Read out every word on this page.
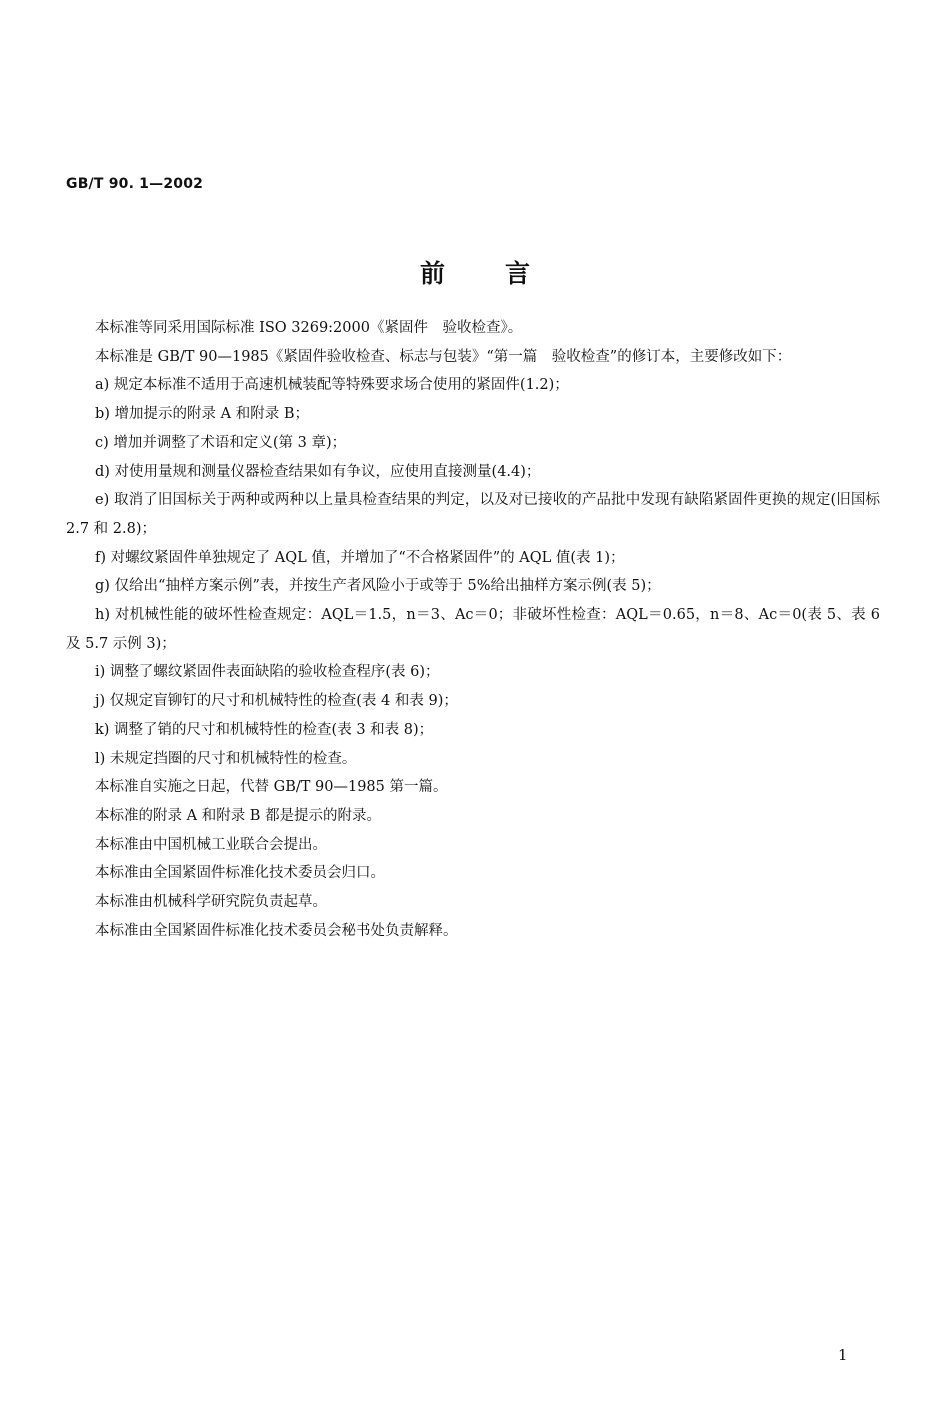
GB/T 90. 1—2002
前言

本标准等同采用国际标准 ISO 3269:2000《紧固件　验收检查》。

本标准是 GB/T 90—1985《紧固件验收检查、标志与包装》“第一篇　验收检查”的修订本，主要修改如下：

a) 规定本标准不适用于高速机械装配等特殊要求场合使用的紧固件(1.2)；

b) 增加提示的附录 A 和附录 B；

c) 增加并调整了术语和定义(第 3 章)；

d) 对使用量规和测量仪器检查结果如有争议，应使用直接测量(4.4)；

e) 取消了旧国标关于两种或两种以上量具检查结果的判定，以及对已接收的产品批中发现有缺陷紧固件更换的规定(旧国标 2.7 和 2.8)；

f) 对螺纹紧固件单独规定了 AQL 值，并增加了“不合格紧固件”的 AQL 值(表 1)；

g) 仅给出“抽样方案示例”表，并按生产者风险小于或等于 5%给出抽样方案示例(表 5)；

h) 对机械性能的破坏性检查规定：AQL＝1.5，n＝3、Ac＝0；非破坏性检查：AQL＝0.65，n＝8、Ac＝0(表 5、表 6 及 5.7 示例 3)；

i) 调整了螺纹紧固件表面缺陷的验收检查程序(表 6)；

j) 仅规定盲铆钉的尺寸和机械特性的检查(表 4 和表 9)；

k) 调整了销的尺寸和机械特性的检查(表 3 和表 8)；

l) 未规定挡圈的尺寸和机械特性的检查。

本标准自实施之日起，代替 GB/T 90—1985 第一篇。

本标准的附录 A 和附录 B 都是提示的附录。

本标准由中国机械工业联合会提出。

本标准由全国紧固件标准化技术委员会归口。

本标准由机械科学研究院负责起草。

本标准由全国紧固件标准化技术委员会秘书处负责解释。

1
